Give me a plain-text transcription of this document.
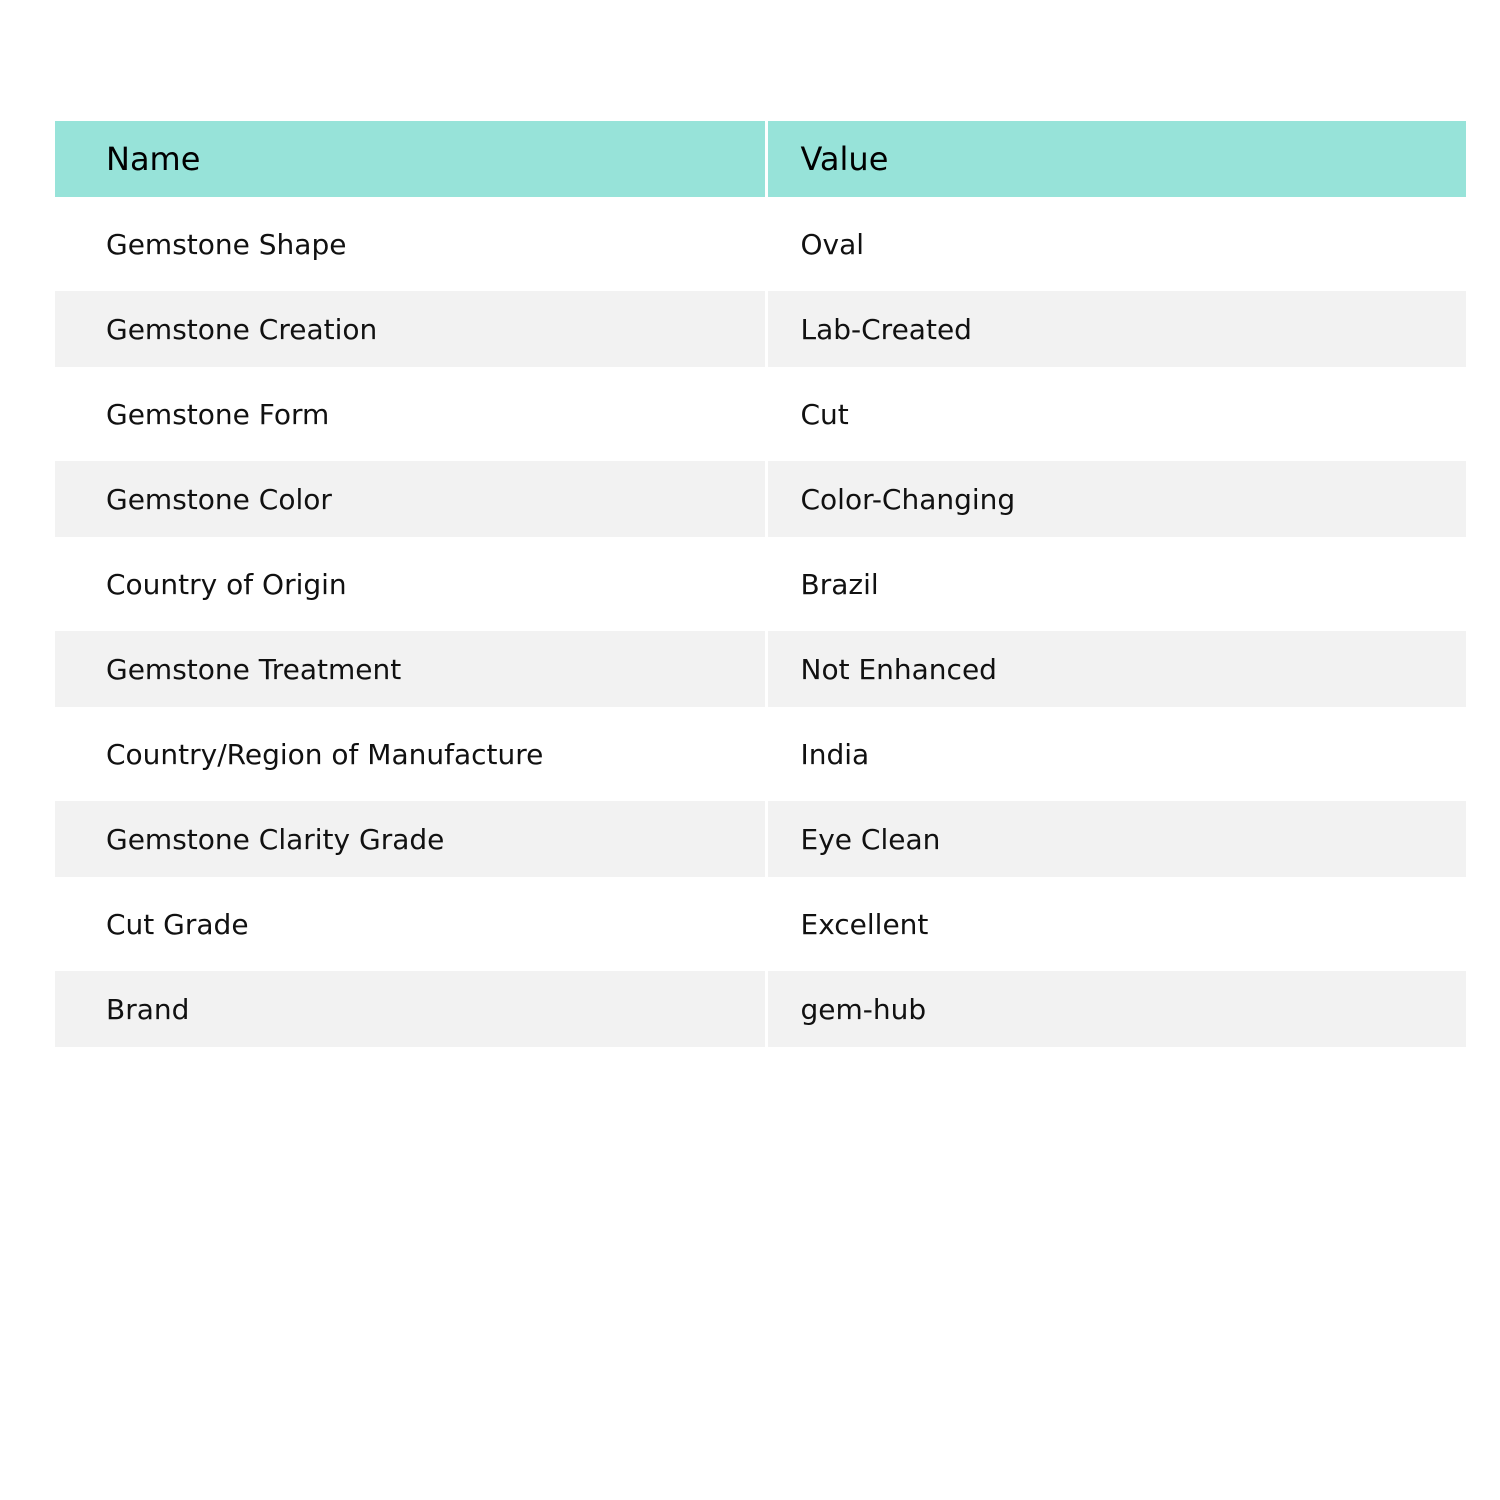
Name	Value
Gemstone Shape	Oval
Gemstone Creation	Lab-Created
Gemstone Form	Cut
Gemstone Color	Color-Changing
Country of Origin	Brazil
Gemstone Treatment	Not Enhanced
Country/Region of Manufacture	India
Gemstone Clarity Grade	Eye Clean
Cut Grade	Excellent
Brand	gem-hub
